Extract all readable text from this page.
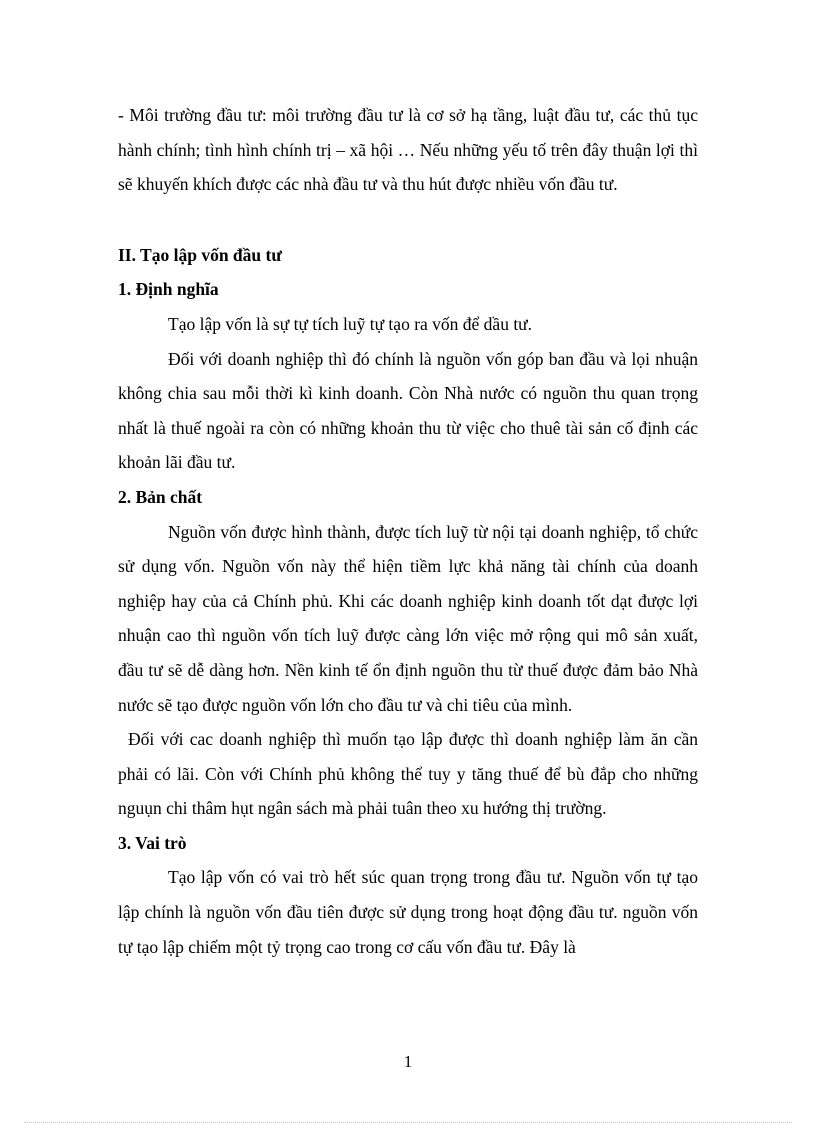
- Môi trường đầu tư: môi trường đầu tư là cơ sở hạ tầng, luật đầu tư, các thủ tục hành chính; tình hình chính trị – xã hội … Nếu những yếu tố trên đây thuận lợi thì sẽ khuyến khích được các nhà đầu tư và thu hút được nhiều vốn đầu tư.

II. Tạo lập vốn đầu tư

1. Định nghĩa

Tạo lập vốn là sự tự tích luỹ tự tạo ra vốn để dầu tư.

Đối với doanh nghiệp thì đó chính là nguồn vốn góp ban đầu và lọi nhuận không chia sau mỗi thời kì kinh doanh. Còn Nhà nước có nguồn thu quan trọng nhất là thuế ngoài ra còn có những khoản thu từ việc cho thuê tài sản cố định các khoản lãi đầu tư.

2. Bản chất

Nguồn vốn được hình thành, được tích luỹ từ nội tại doanh nghiệp, tổ chức sử dụng vốn. Nguồn vốn này thể hiện tiềm lực khả năng tài chính của doanh nghiệp hay của cả Chính phủ. Khi các doanh nghiệp kinh doanh tốt dạt được lợi nhuận cao thì nguồn vốn tích luỹ được càng lớn việc mở rộng qui mô sản xuất, đầu tư sẽ dễ dàng hơn. Nền kinh tế ổn định nguồn thu từ thuế được đảm bảo Nhà nước sẽ tạo được nguồn vốn lớn cho đầu tư và chi tiêu của mình.

Đối với cac doanh nghiệp thì muốn tạo lập được thì doanh nghiệp làm ăn cần phải có lãi. Còn với Chính phủ không thể tuy y tăng thuế để bù đắp cho những nguụn chi thâm hụt ngân sách mà phải tuân theo xu hướng thị trường.

3. Vai trò

Tạo lập vốn có vai trò hết súc quan trọng trong đầu tư. Nguồn vốn tự tạo lập chính là nguồn vốn đầu tiên được sử dụng trong hoạt động đầu tư. nguồn vốn tự tạo lập chiếm một tỷ trọng cao trong cơ cấu vốn đầu tư. Đây là

1
